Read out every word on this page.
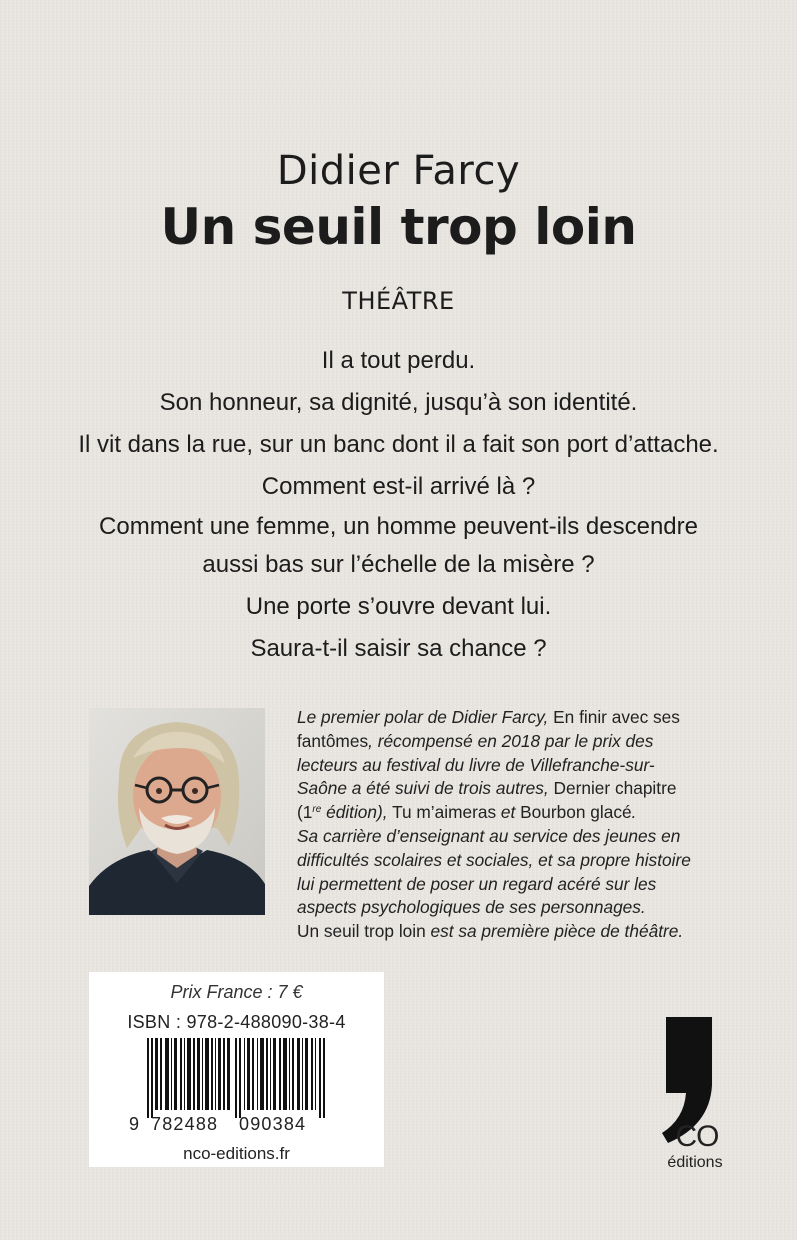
Didier Farcy
Un seuil trop loin
THÉÂTRE
Il a tout perdu.
Son honneur, sa dignité, jusqu’à son identité.
Il vit dans la rue, sur un banc dont il a fait son port d’attache.
Comment est-il arrivé là ?
Comment une femme, un homme peuvent-ils descendre
aussi bas sur l’échelle de la misère ?
Une porte s’ouvre devant lui.
Saura-t-il saisir sa chance ?
Le premier polar de Didier Farcy, En finir avec ses
fantômes, récompensé en 2018 par le prix des
lecteurs au festival du livre de Villefranche-sur-
Saône a été suivi de trois autres, Dernier chapitre
(1re édition), Tu m’aimeras et Bourbon glacé.
Sa carrière d’enseignant au service des jeunes en
difficultés scolaires et sociales, et sa propre histoire
lui permettent de poser un regard acéré sur les
aspects psychologiques de ses personnages.
Un seuil trop loin est sa première pièce de théâtre.
Prix France : 7 €
ISBN : 978-2-488090-38-4
9 782488 090384
nco-editions.fr
CO
éditions
